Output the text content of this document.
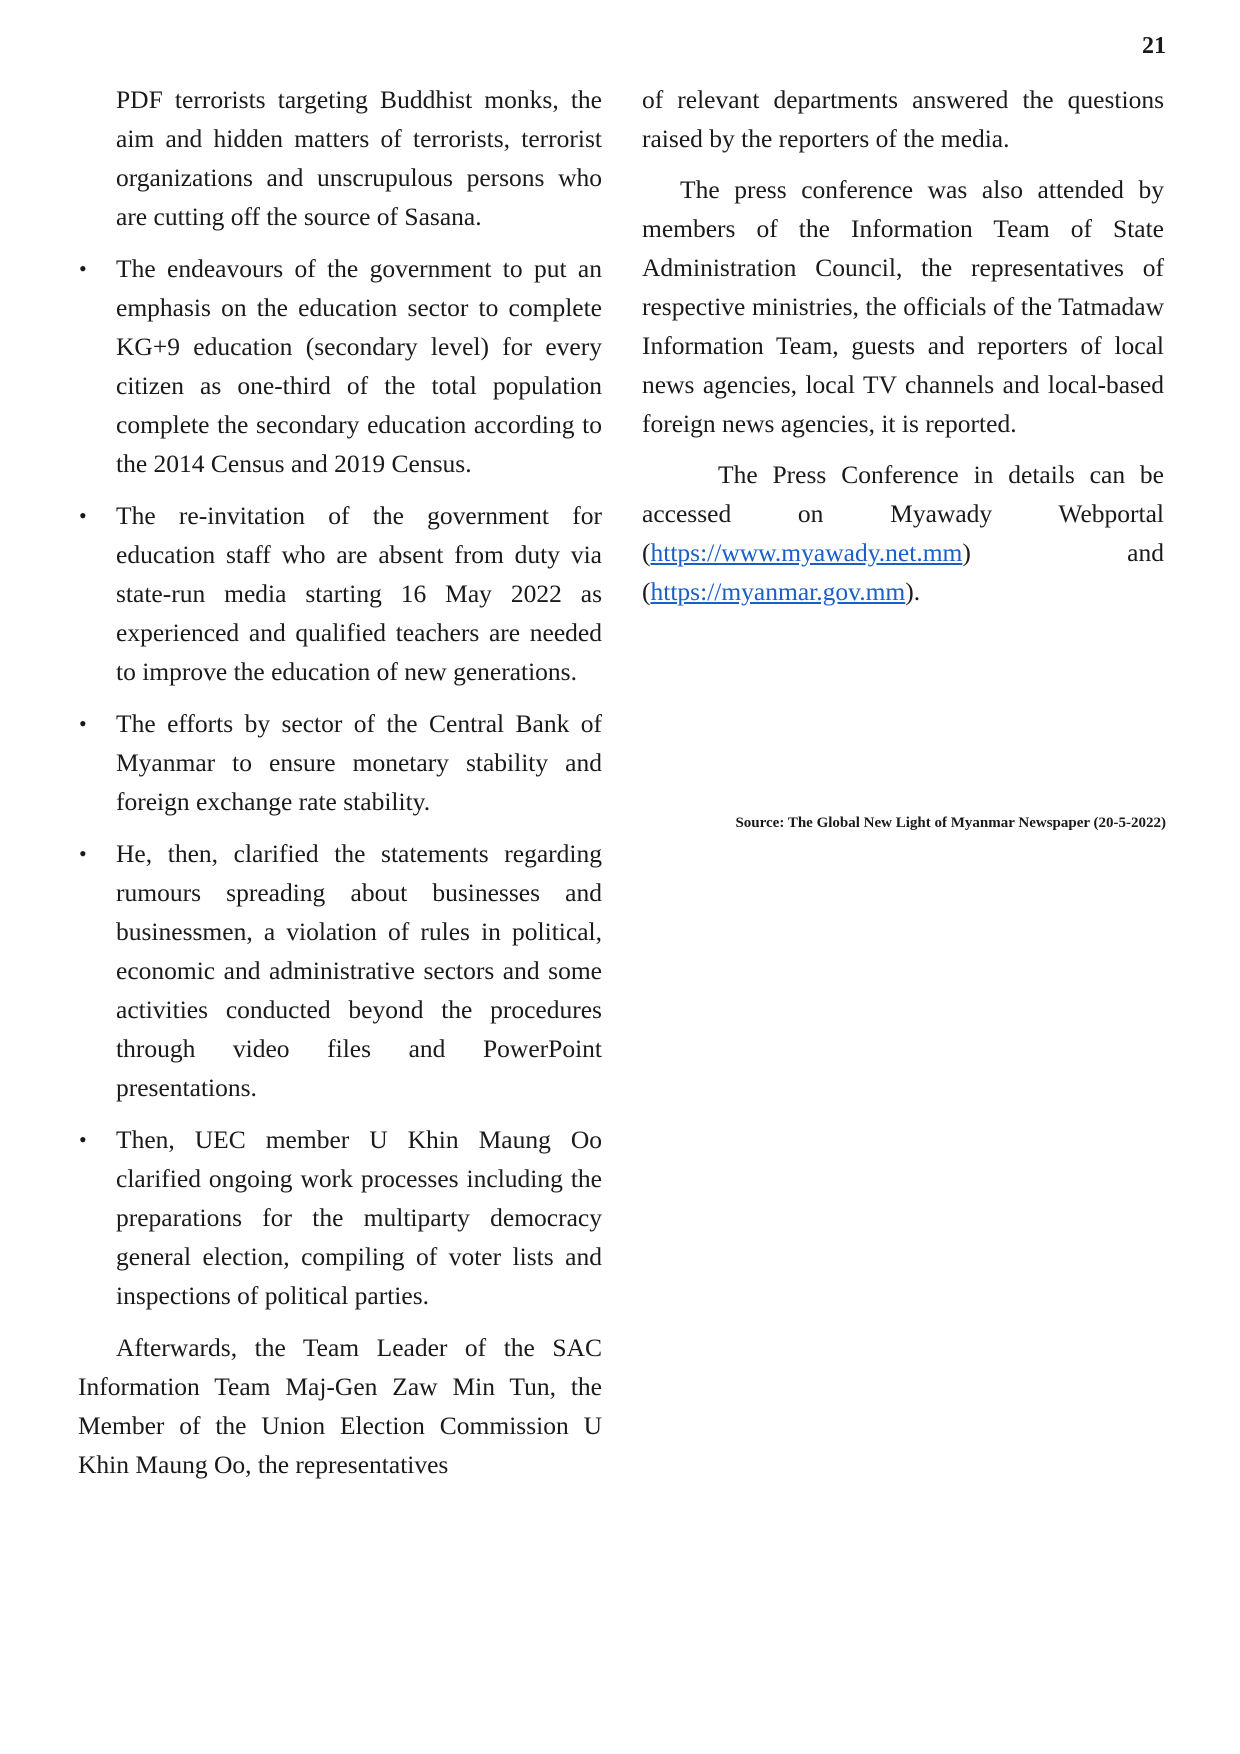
21
PDF terrorists targeting Buddhist monks, the aim and hidden matters of terrorists, terrorist organizations and unscrupulous persons who are cutting off the source of Sasana.
• The endeavours of the government to put an emphasis on the education sector to complete KG+9 education (secondary level) for every citizen as one-third of the total population complete the secondary education according to the 2014 Census and 2019 Census.
• The re-invitation of the government for education staff who are absent from duty via state-run media starting 16 May 2022 as experienced and qualified teachers are needed to improve the education of new generations.
• The efforts by sector of the Central Bank of Myanmar to ensure monetary stability and foreign exchange rate stability.
• He, then, clarified the statements regarding rumours spreading about businesses and businessmen, a violation of rules in political, economic and administrative sectors and some activities conducted beyond the procedures through video files and PowerPoint presentations.
• Then, UEC member U Khin Maung Oo clarified ongoing work processes including the preparations for the multiparty democracy general election, compiling of voter lists and inspections of political parties.

Afterwards, the Team Leader of the SAC Information Team Maj-Gen Zaw Min Tun, the Member of the Union Election Commission U Khin Maung Oo, the representatives

of relevant departments answered the questions raised by the reporters of the media.

The press conference was also attended by members of the Information Team of State Administration Council, the representatives of respective ministries, the officials of the Tatmadaw Information Team, guests and reporters of local news agencies, local TV channels and local-based foreign news agencies, it is reported.

The Press Conference in details can be accessed on Myawady Webportal (https://www.myawady.net.mm) and (https://myanmar.gov.mm).

Source: The Global New Light of Myanmar Newspaper (20-5-2022)
